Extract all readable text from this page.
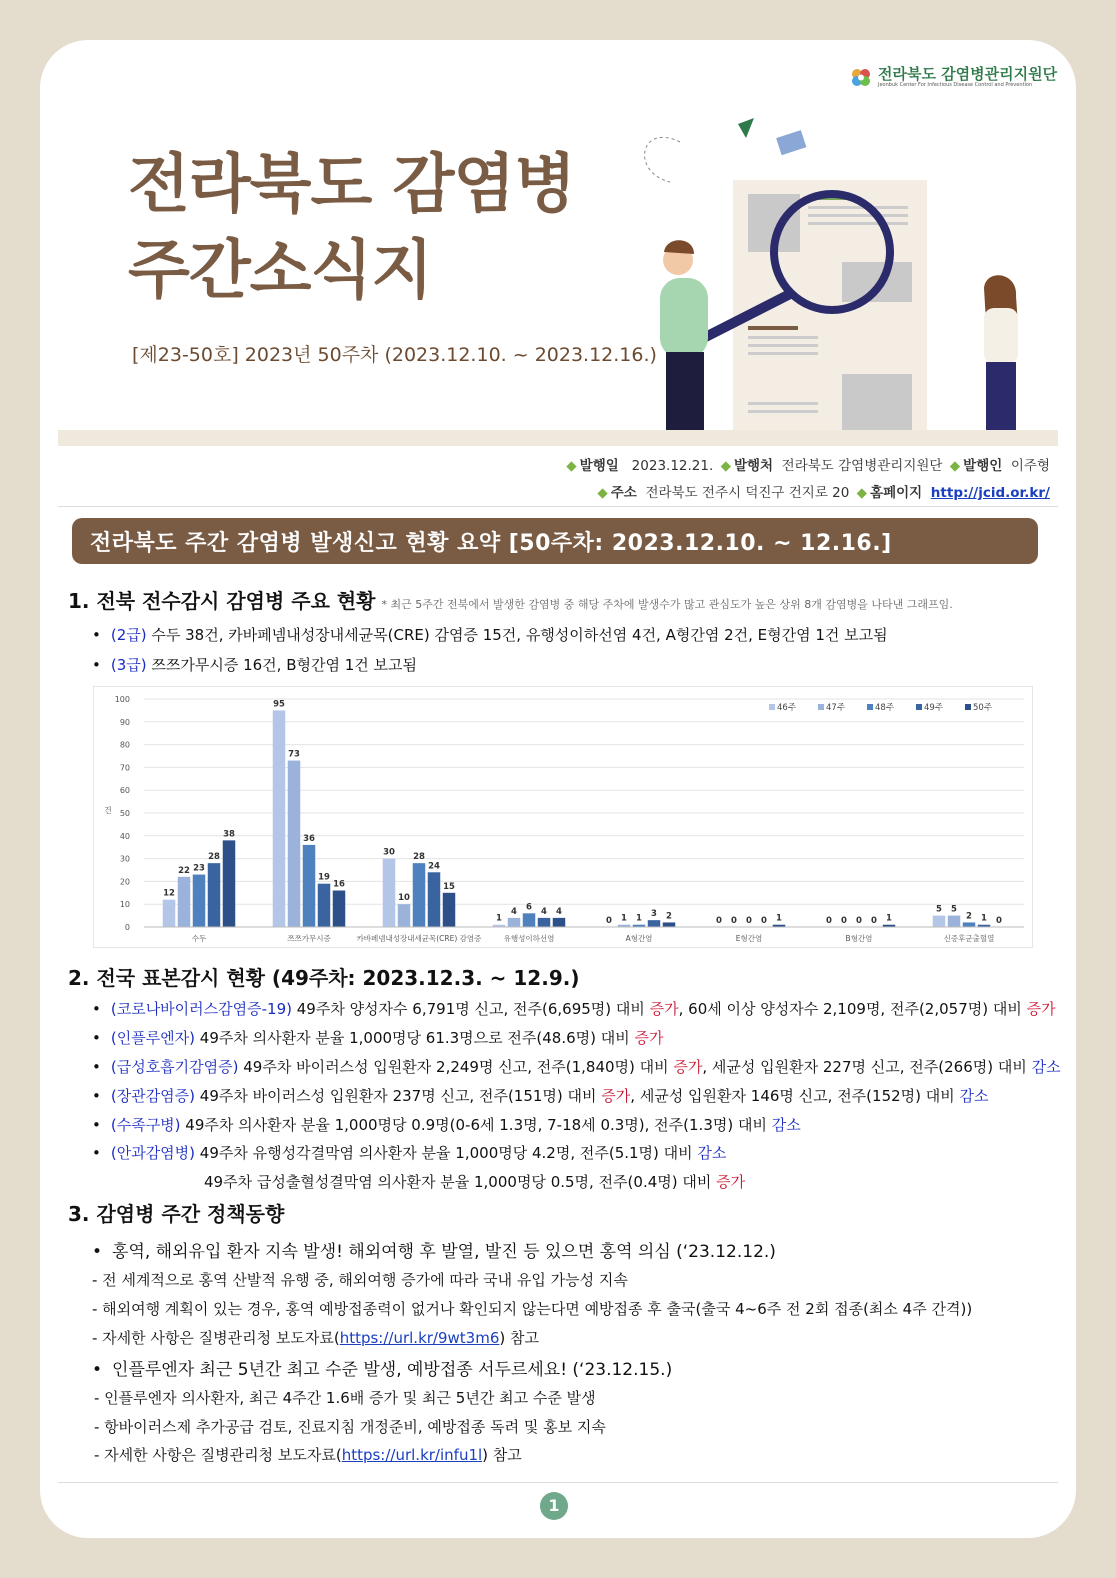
전라북도 감염병관리지원단
Jeonbuk Center For Infectious Disease Control and Prevention
전라북도 감염병
주간소식지
[제23-50호] 2023년 50주차 (2023.12.10. ~ 2023.12.16.)
◆ 발행일 2023.12.21. ◆ 발행처 전라북도 감염병관리지원단 ◆ 발행인 이주형
◆ 주소 전라북도 전주시 덕진구 건지로 20 ◆ 홈페이지 http://jcid.or.kr/
전라북도 주간 감염병 발생신고 현황 요약 [50주차: 2023.12.10. ~ 12.16.]
1. 전북 전수감시 감염병 주요 현황 * 최근 5주간 전북에서 발생한 감염병 중 해당 주차에 발생수가 많고 관심도가 높은 상위 8개 감염병을 나타낸 그래프임.
• (2급) 수두 38건, 카바페넴내성장내세균목(CRE) 감염증 15건, 유행성이하선염 4건, A형간염 2건, E형간염 1건 보고됨
• (3급) 쯔쯔가무시증 16건, B형간염 1건 보고됨
0
10
20
30
40
50
60
70
80
90
100
건
12
22 23
28
38
수두
95
73
36
19
16
쯔쯔가무시증
30
10
28
24
15
카바페넴내성장내세균목(CRE) 감염증
1
4 6 4 4
유행성이하선염
0 1 1 3 2
A형간염
0 0 0 0 1
E형간염
0 0 0 0 1
B형간염
5 5
2 1 0
신증후군출혈열
46주	47주	48주	49주	50주
2. 전국 표본감시 현황 (49주차: 2023.12.3. ~ 12.9.)
• (코로나바이러스감염증-19) 49주차 양성자수 6,791명 신고, 전주(6,695명) 대비 증가, 60세 이상 양성자수 2,109명, 전주(2,057명) 대비 증가
• (인플루엔자) 49주차 의사환자 분율 1,000명당 61.3명으로 전주(48.6명) 대비 증가
• (급성호흡기감염증) 49주차 바이러스성 입원환자 2,249명 신고, 전주(1,840명) 대비 증가, 세균성 입원환자 227명 신고, 전주(266명) 대비 감소
• (장관감염증) 49주차 바이러스성 입원환자 237명 신고, 전주(151명) 대비 증가, 세균성 입원환자 146명 신고, 전주(152명) 대비 감소
• (수족구병) 49주차 의사환자 분율 1,000명당 0.9명(0-6세 1.3명, 7-18세 0.3명), 전주(1.3명) 대비 감소
• (안과감염병) 49주차 유행성각결막염 의사환자 분율 1,000명당 4.2명, 전주(5.1명) 대비 감소
49주차 급성출혈성결막염 의사환자 분율 1,000명당 0.5명, 전주(0.4명) 대비 증가
3. 감염병 주간 정책동향
• 홍역, 해외유입 환자 지속 발생! 해외여행 후 발열, 발진 등 있으면 홍역 의심 (‘23.12.12.)
- 전 세계적으로 홍역 산발적 유행 중, 해외여행 증가에 따라 국내 유입 가능성 지속
- 해외여행 계획이 있는 경우, 홍역 예방접종력이 없거나 확인되지 않는다면 예방접종 후 출국(출국 4~6주 전 2회 접종(최소 4주 간격))
- 자세한 사항은 질병관리청 보도자료(https://url.kr/9wt3m6) 참고
• 인플루엔자 최근 5년간 최고 수준 발생, 예방접종 서두르세요! (‘23.12.15.)
- 인플루엔자 의사환자, 최근 4주간 1.6배 증가 및 최근 5년간 최고 수준 발생
- 항바이러스제 추가공급 검토, 진료지침 개정준비, 예방접종 독려 및 홍보 지속
- 자세한 사항은 질병관리청 보도자료(https://url.kr/infu1l) 참고
1
